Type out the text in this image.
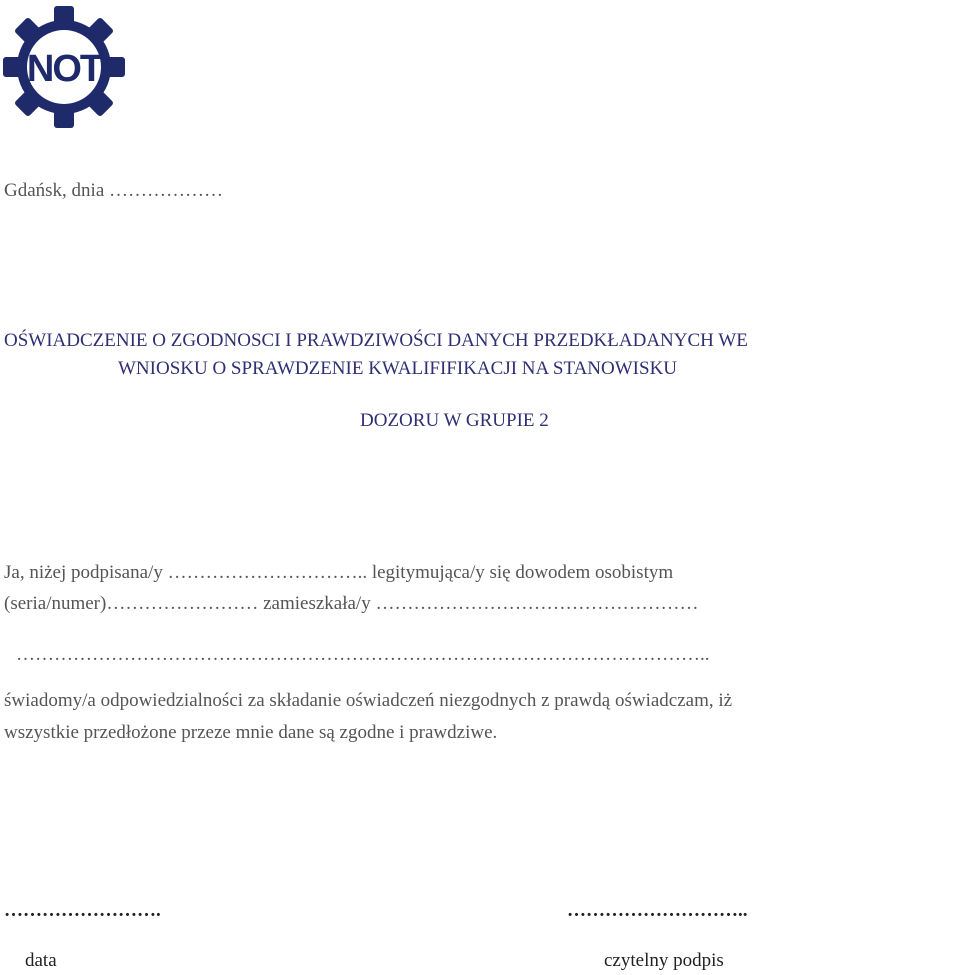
NOT
Gdańsk, dnia ………………
OŚWIADCZENIE O ZGODNOSCI I PRAWDZIWOŚCI DANYCH PRZEDKŁADANYCH WE
WNIOSKU O SPRAWDZENIE KWALIFIFIKACJI NA STANOWISKU
DOZORU W GRUPIE 2
Ja, niżej podpisana/y ………………………….. legitymująca/y się dowodem osobistym
(seria/numer)…………………… zamieszkała/y ……………………………………………
………………………………………………………………………………………………..
świadomy/a odpowiedzialności za składanie oświadczeń niezgodnych z prawdą oświadczam, iż
wszystkie przedłożone przeze mnie dane są zgodne i prawdziwe.
…………………….
data
………………………..
czytelny podpis
